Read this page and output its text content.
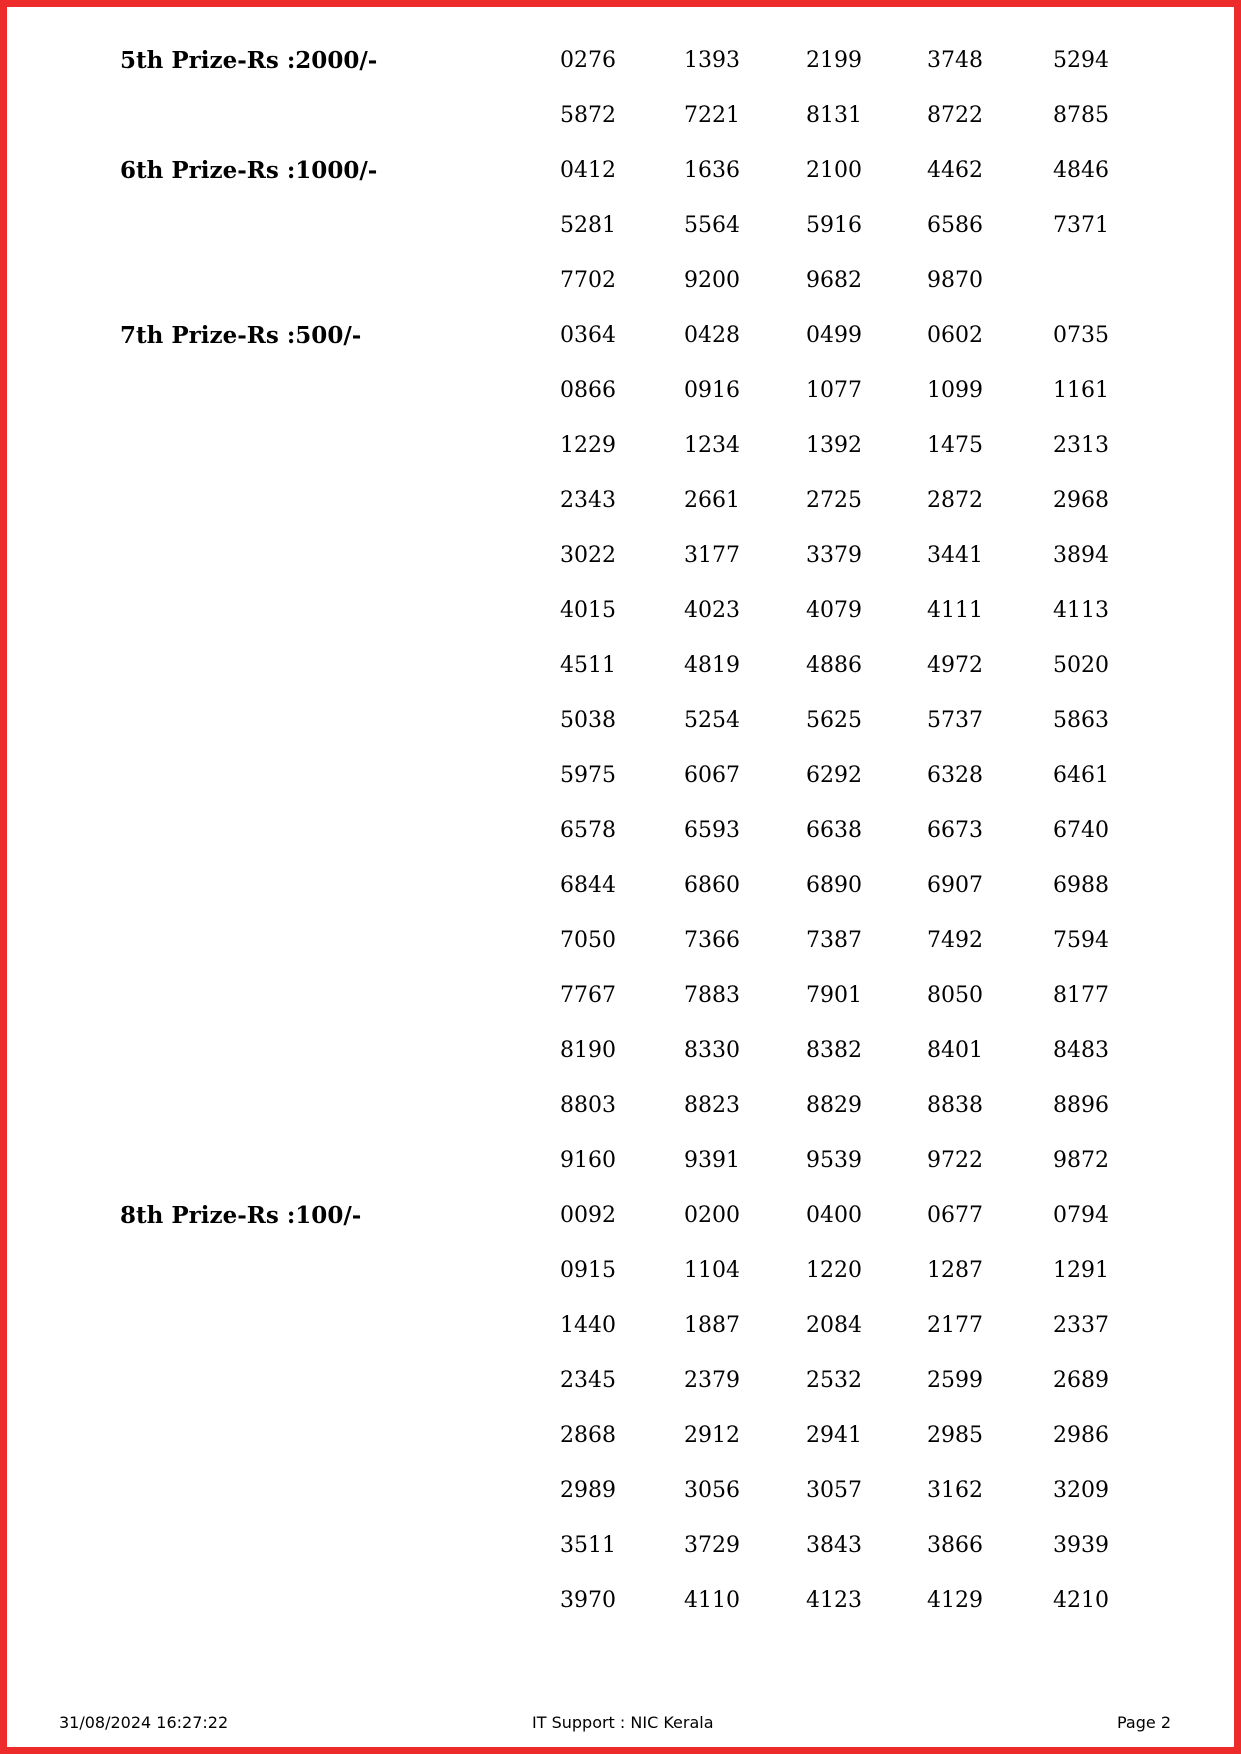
5th Prize-Rs :2000/-	0276	1393	2199	3748	5294
5872	7221	8131	8722	8785
6th Prize-Rs :1000/-	0412	1636	2100	4462	4846
5281	5564	5916	6586	7371
7702	9200	9682	9870
7th Prize-Rs :500/-	0364	0428	0499	0602	0735
0866	0916	1077	1099	1161
1229	1234	1392	1475	2313
2343	2661	2725	2872	2968
3022	3177	3379	3441	3894
4015	4023	4079	4111	4113
4511	4819	4886	4972	5020
5038	5254	5625	5737	5863
5975	6067	6292	6328	6461
6578	6593	6638	6673	6740
6844	6860	6890	6907	6988
7050	7366	7387	7492	7594
7767	7883	7901	8050	8177
8190	8330	8382	8401	8483
8803	8823	8829	8838	8896
9160	9391	9539	9722	9872
8th Prize-Rs :100/-	0092	0200	0400	0677	0794
0915	1104	1220	1287	1291
1440	1887	2084	2177	2337
2345	2379	2532	2599	2689
2868	2912	2941	2985	2986
2989	3056	3057	3162	3209
3511	3729	3843	3866	3939
3970	4110	4123	4129	4210
31/08/2024 16:27:22	IT Support : NIC Kerala	Page 2
